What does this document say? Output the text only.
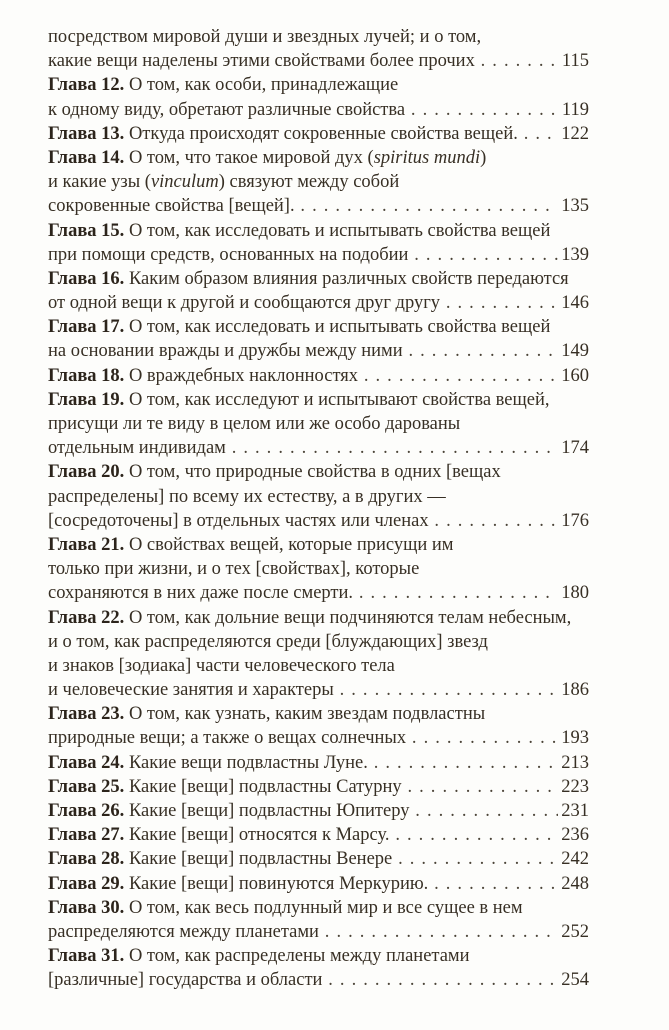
посредством мировой души и звездных лучей; и о том,
какие вещи наделены этими свойствами более прочих . . .	115
Глава 12. О том, как особи, принадлежащие
к одному виду, обретают различные свойства . . .	119
Глава 13. Откуда происходят сокровенные свойства вещей. . . . 122
Глава 14. О том, что такое мировой дух (spiritus mundi)
и какие узы (vinculum) связуют между собой
сокровенные свойства [вещей]. . . .	135
Глава 15. О том, как исследовать и испытывать свойства вещей
при помощи средств, основанных на подобии . . .	139
Глава 16. Каким образом влияния различных свойств передаются
от одной вещи к другой и сообщаются друг другу . . .	146
Глава 17. О том, как исследовать и испытывать свойства вещей
на основании вражды и дружбы между ними . . .	149
Глава 18. О враждебных наклонностях . . .	160
Глава 19. О том, как исследуют и испытывают свойства вещей,
присущи ли те виду в целом или же особо дарованы
отдельным индивидам . . .	174
Глава 20. О том, что природные свойства в одних [вещах
распределены] по всему их естеству, а в других —
[сосредоточены] в отдельных частях или членах . . .	176
Глава 21. О свойствах вещей, которые присущи им
только при жизни, и о тех [свойствах], которые
сохраняются в них даже после смерти. . . .	180
Глава 22. О том, как дольние вещи подчиняются телам небесным,
и о том, как распределяются среди [блуждающих] звезд
и знаков [зодиака] части человеческого тела
и человеческие занятия и характеры . . .	186
Глава 23. О том, как узнать, каким звездам подвластны
природные вещи; а также о вещах солнечных . . .	193
Глава 24. Какие вещи подвластны Луне. . . .	213
Глава 25. Какие [вещи] подвластны Сатурну . . .	223
Глава 26. Какие [вещи] подвластны Юпитеру . . .	231
Глава 27. Какие [вещи] относятся к Марсу. . . .	236
Глава 28. Какие [вещи] подвластны Венере . . .	242
Глава 29. Какие [вещи] повинуются Меркурию. . . .	248
Глава 30. О том, как весь подлунный мир и все сущее в нем
распределяются между планетами . . .	252
Глава 31. О том, как распределены между планетами
[различные] государства и области . . .	254
